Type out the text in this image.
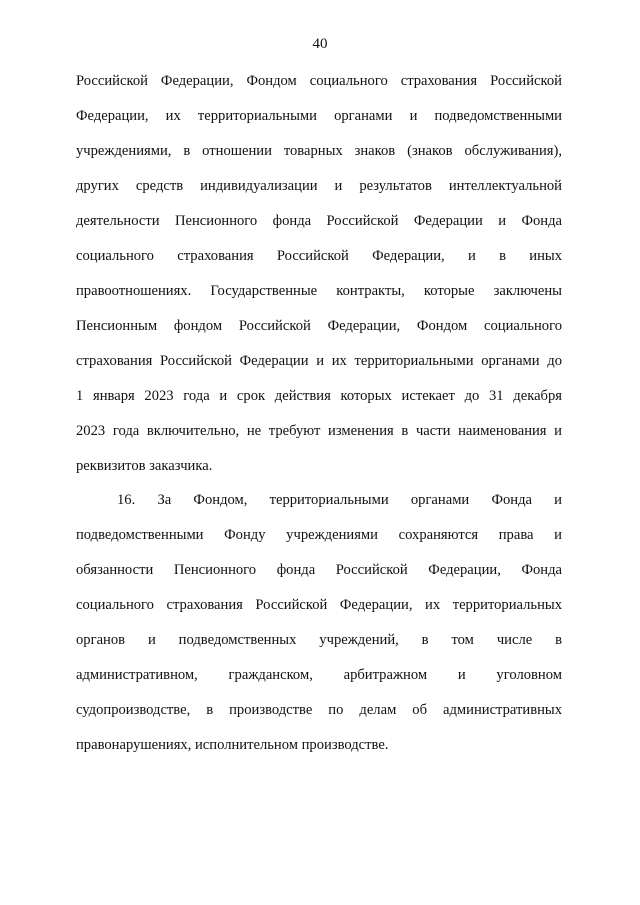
40
Российской Федерации, Фондом социального страхования Российской
Федерации, их территориальными органами и подведомственными
учреждениями, в отношении товарных знаков (знаков обслуживания),
других средств индивидуализации и результатов интеллектуальной
деятельности Пенсионного фонда Российской Федерации и Фонда
социального страхования Российской Федерации, и в иных
правоотношениях. Государственные контракты, которые заключены
Пенсионным фондом Российской Федерации, Фондом социального
страхования Российской Федерации и их территориальными органами до
1 января 2023 года и срок действия которых истекает до 31 декабря
2023 года включительно, не требуют изменения в части наименования и
реквизитов заказчика.
16. За Фондом, территориальными органами Фонда и
подведомственными Фонду учреждениями сохраняются права и
обязанности Пенсионного фонда Российской Федерации, Фонда
социального страхования Российской Федерации, их территориальных
органов и подведомственных учреждений, в том числе в
административном, гражданском, арбитражном и уголовном
судопроизводстве, в производстве по делам об административных
правонарушениях, исполнительном производстве.
